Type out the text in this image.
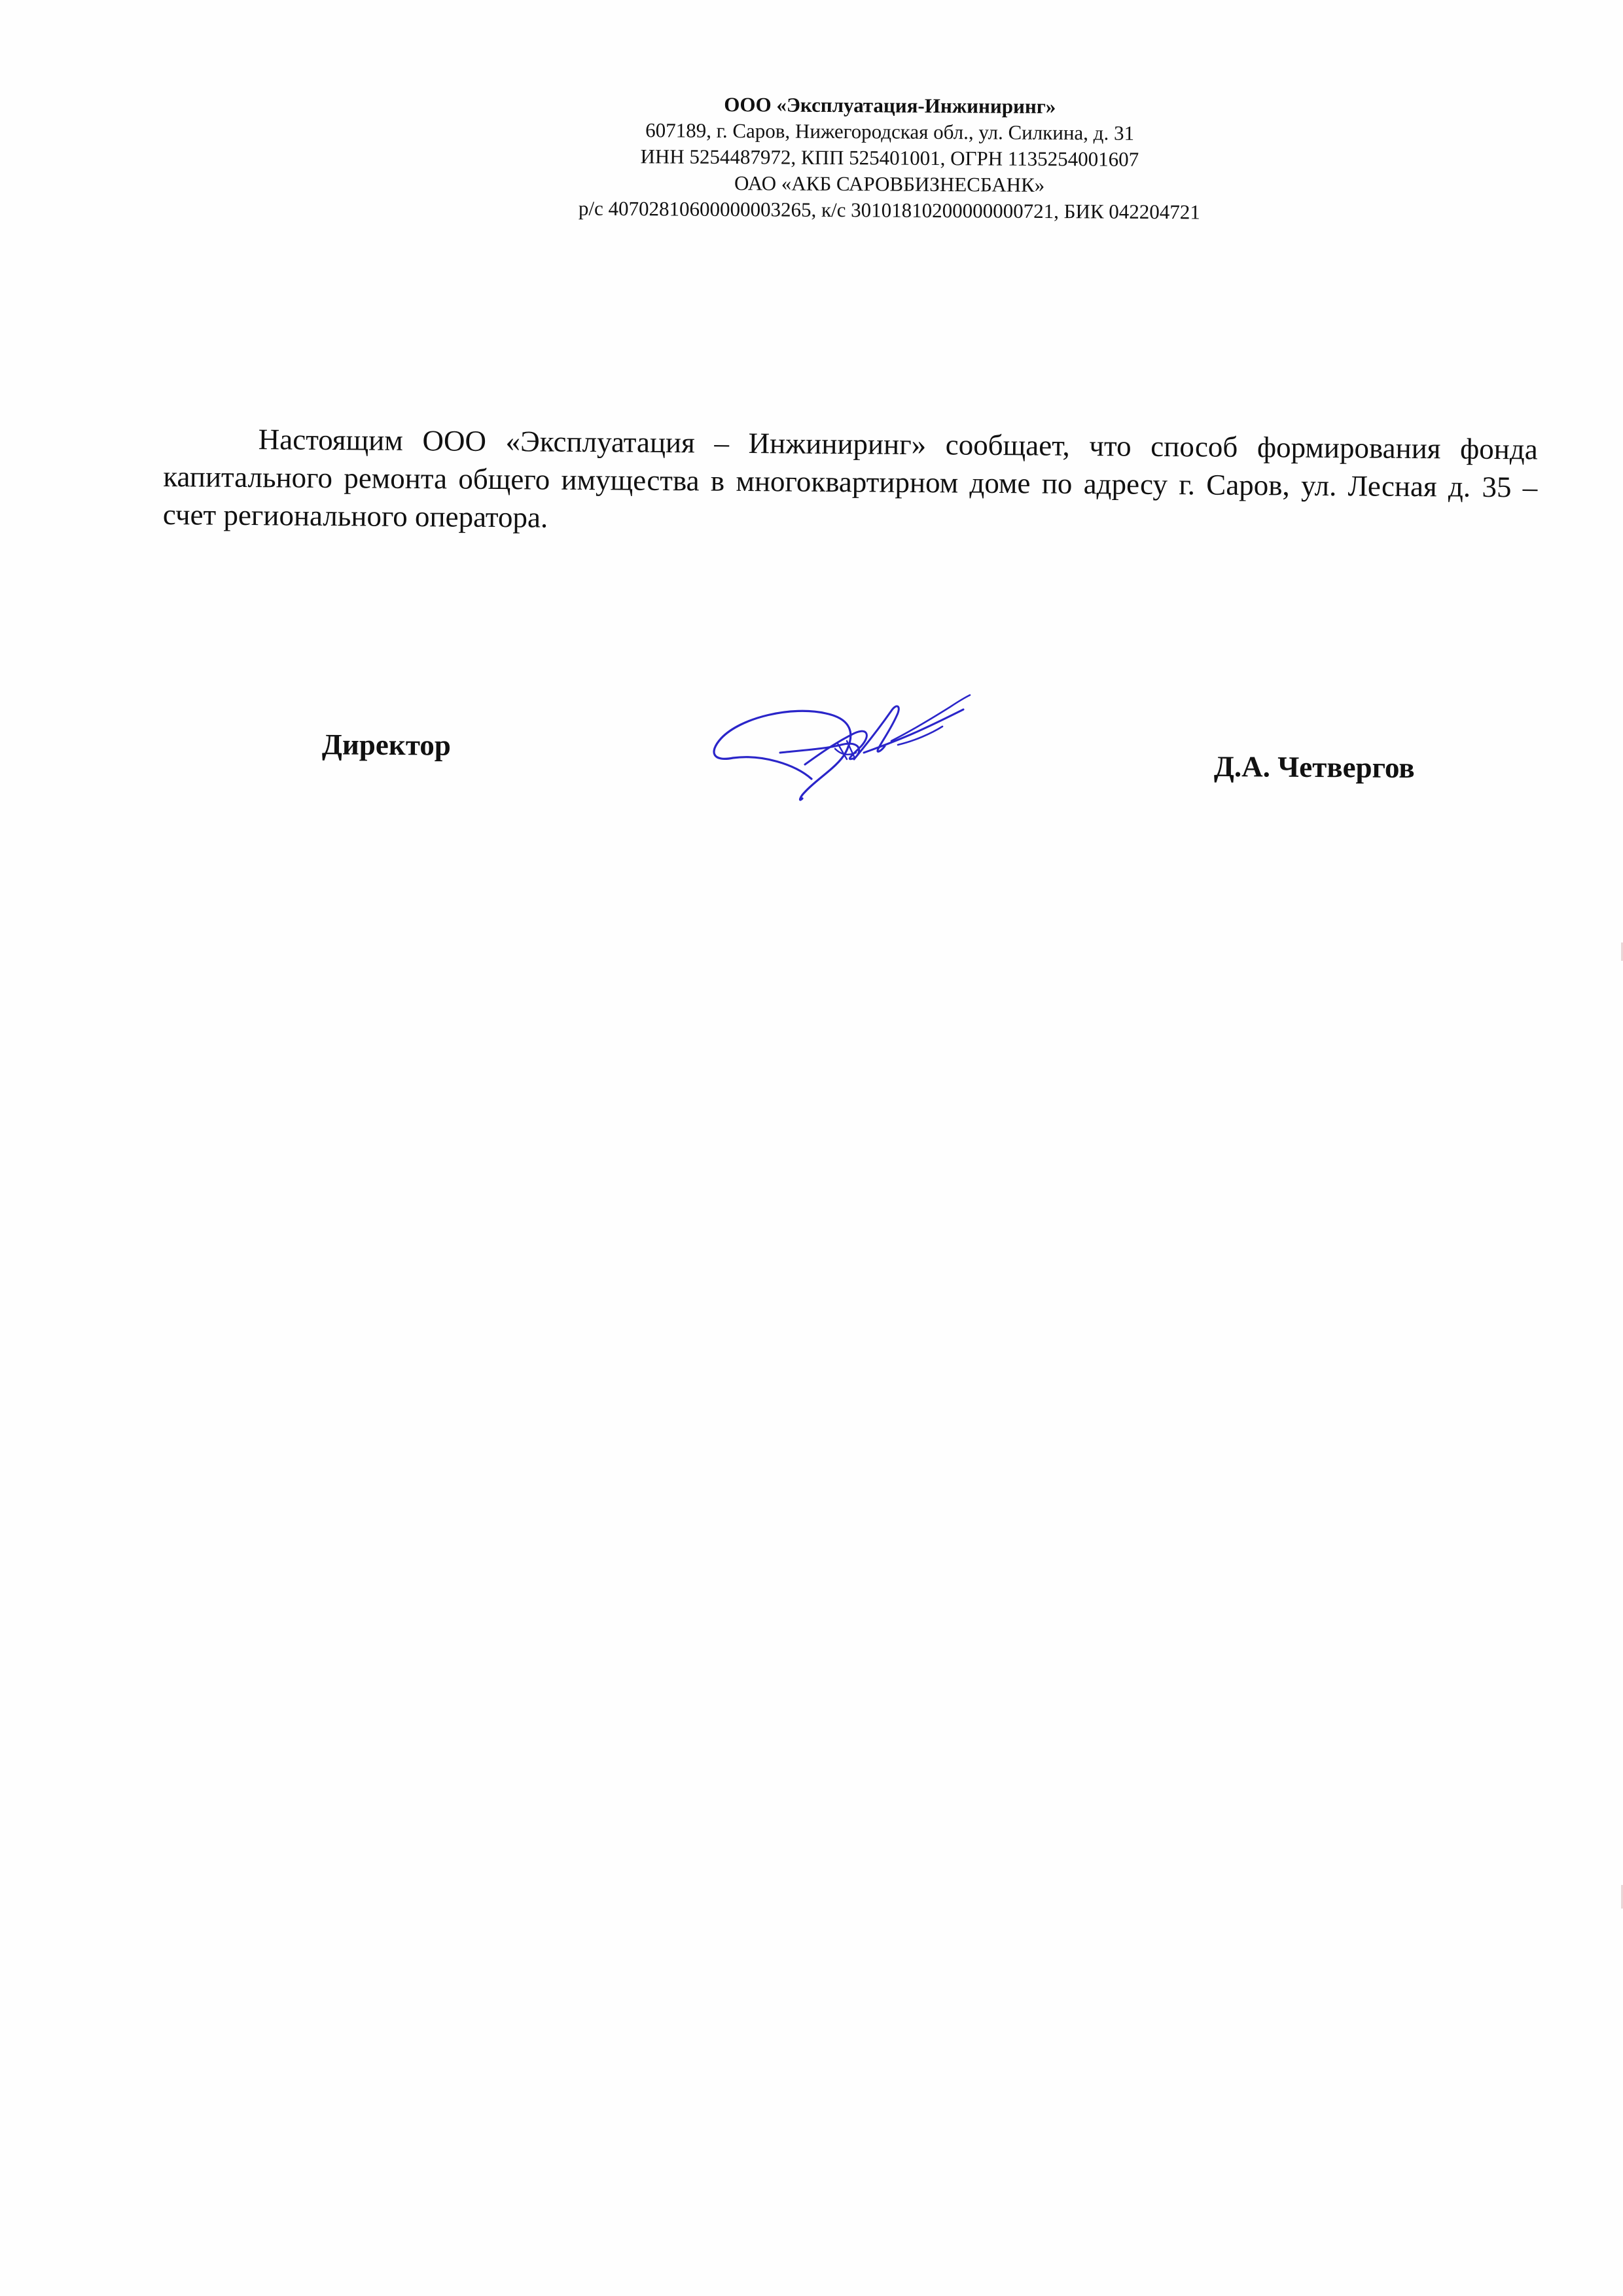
ООО «Эксплуатация-Инжиниринг»
607189, г. Саров, Нижегородская обл., ул. Силкина, д. 31
ИНН 5254487972, КПП 525401001, ОГРН 1135254001607
ОАО «АКБ САРОВБИЗНЕСБАНК»
р/с 40702810600000003265, к/с 30101810200000000721, БИК 042204721

Настоящим ООО «Эксплуатация – Инжиниринг» сообщает, что способ формирования фонда капитального ремонта общего имущества в многоквартирном доме по адресу г. Саров, ул. Лесная д. 35 – счет регионального оператора.

Директор
Д.А. Четвергов
